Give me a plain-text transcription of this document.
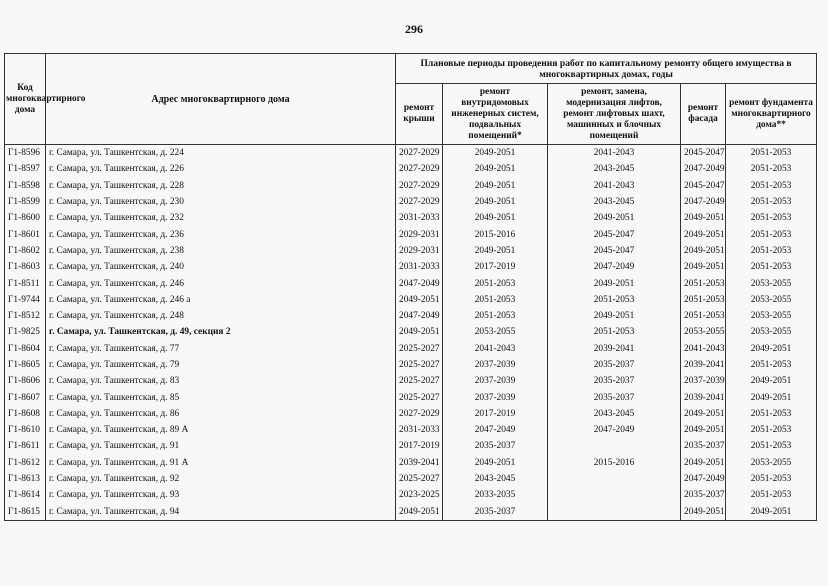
296
Код многоквартирного дома	Адрес многоквартирного дома	Плановые периоды проведения работ по капитальному ремонту общего имущества в многоквартирных домах, годы				
		ремонт крыши	ремонт внутридомовых инженерных систем, подвальных помещений*	ремонт, замена, модернизация лифтов, ремонт лифтовых шахт, машинных и блочных помещений	ремонт фасада	ремонт фундамента многоквартирного дома**
Г1-8596	г. Самара, ул. Ташкентская, д. 224	2027-2029	2049-2051	2041-2043	2045-2047	2051-2053
Г1-8597	г. Самара, ул. Ташкентская, д. 226	2027-2029	2049-2051	2043-2045	2047-2049	2051-2053
Г1-8598	г. Самара, ул. Ташкентская, д. 228	2027-2029	2049-2051	2041-2043	2045-2047	2051-2053
Г1-8599	г. Самара, ул. Ташкентская, д. 230	2027-2029	2049-2051	2043-2045	2047-2049	2051-2053
Г1-8600	г. Самара, ул. Ташкентская, д. 232	2031-2033	2049-2051	2049-2051	2049-2051	2051-2053
Г1-8601	г. Самара, ул. Ташкентская, д. 236	2029-2031	2015-2016	2045-2047	2049-2051	2051-2053
Г1-8602	г. Самара, ул. Ташкентская, д. 238	2029-2031	2049-2051	2045-2047	2049-2051	2051-2053
Г1-8603	г. Самара, ул. Ташкентская, д. 240	2031-2033	2017-2019	2047-2049	2049-2051	2051-2053
Г1-8511	г. Самара, ул. Ташкентская, д. 246	2047-2049	2051-2053	2049-2051	2051-2053	2053-2055
Г1-9744	г. Самара, ул. Ташкентская, д. 246 а	2049-2051	2051-2053	2051-2053	2051-2053	2053-2055
Г1-8512	г. Самара, ул. Ташкентская, д. 248	2047-2049	2051-2053	2049-2051	2051-2053	2053-2055
Г1-9825	г. Самара, ул. Ташкентская, д. 49, секция 2	2049-2051	2053-2055	2051-2053	2053-2055	2053-2055
Г1-8604	г. Самара, ул. Ташкентская, д. 77	2025-2027	2041-2043	2039-2041	2041-2043	2049-2051
Г1-8605	г. Самара, ул. Ташкентская, д. 79	2025-2027	2037-2039	2035-2037	2039-2041	2051-2053
Г1-8606	г. Самара, ул. Ташкентская, д. 83	2025-2027	2037-2039	2035-2037	2037-2039	2049-2051
Г1-8607	г. Самара, ул. Ташкентская, д. 85	2025-2027	2037-2039	2035-2037	2039-2041	2049-2051
Г1-8608	г. Самара, ул. Ташкентская, д. 86	2027-2029	2017-2019	2043-2045	2049-2051	2051-2053
Г1-8610	г. Самара, ул. Ташкентская, д. 89 А	2031-2033	2047-2049	2047-2049	2049-2051	2051-2053
Г1-8611	г. Самара, ул. Ташкентская, д. 91	2017-2019	2035-2037		2035-2037	2051-2053
Г1-8612	г. Самара, ул. Ташкентская, д. 91 А	2039-2041	2049-2051	2015-2016	2049-2051	2053-2055
Г1-8613	г. Самара, ул. Ташкентская, д. 92	2025-2027	2043-2045		2047-2049	2051-2053
Г1-8614	г. Самара, ул. Ташкентская, д. 93	2023-2025	2033-2035		2035-2037	2051-2053
Г1-8615	г. Самара, ул. Ташкентская, д. 94	2049-2051	2035-2037		2049-2051	2049-2051
